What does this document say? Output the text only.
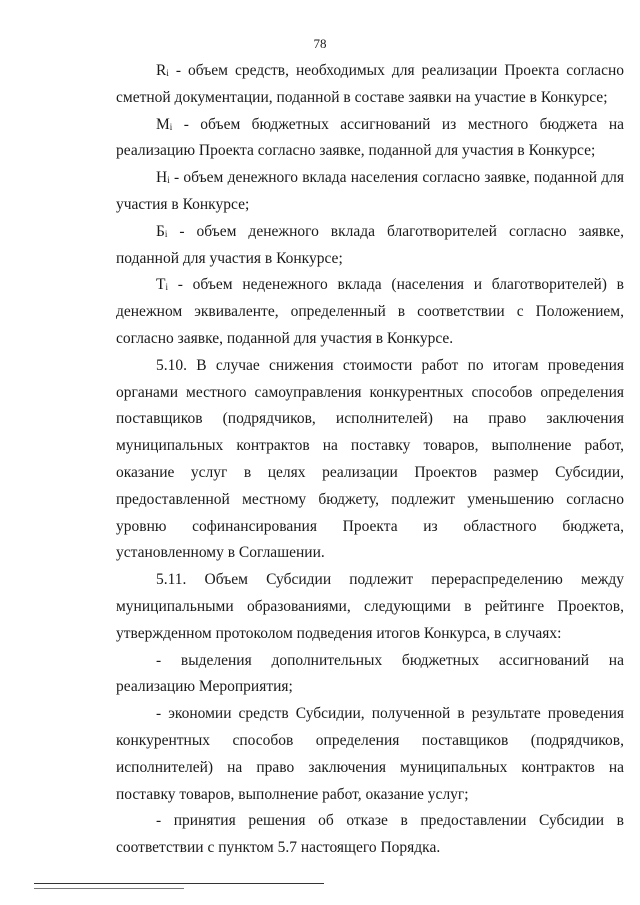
78

$R_i$ - объем средств, необходимых для реализации Проекта согласно сметной документации, поданной в составе заявки на участие в Конкурсе;

$M_i$ - объем бюджетных ассигнований из местного бюджета на реализацию Проекта согласно заявке, поданной для участия в Конкурсе;

$Н_i$ - объем денежного вклада населения согласно заявке, поданной для участия в Конкурсе;

$Б_i$ - объем денежного вклада благотворителей согласно заявке, поданной для участия в Конкурсе;

$Т_i$ - объем неденежного вклада (населения и благотворителей) в денежном эквиваленте, определенный в соответствии с Положением, согласно заявке, поданной для участия в Конкурсе.

5.10. В случае снижения стоимости работ по итогам проведения органами местного самоуправления конкурентных способов определения поставщиков (подрядчиков, исполнителей) на право заключения муниципальных контрактов на поставку товаров, выполнение работ, оказание услуг в целях реализации Проектов размер Субсидии, предоставленной местному бюджету, подлежит уменьшению согласно уровню софинансирования Проекта из областного бюджета, установленному в Соглашении.

5.11. Объем Субсидии подлежит перераспределению между муниципальными образованиями, следующими в рейтинге Проектов, утвержденном протоколом подведения итогов Конкурса, в случаях:

- выделения дополнительных бюджетных ассигнований на реализацию Мероприятия;

- экономии средств Субсидии, полученной в результате проведения конкурентных способов определения поставщиков (подрядчиков, исполнителей) на право заключения муниципальных контрактов на поставку товаров, выполнение работ, оказание услуг;

- принятия решения об отказе в предоставлении Субсидии в соответствии с пунктом 5.7 настоящего Порядка.
